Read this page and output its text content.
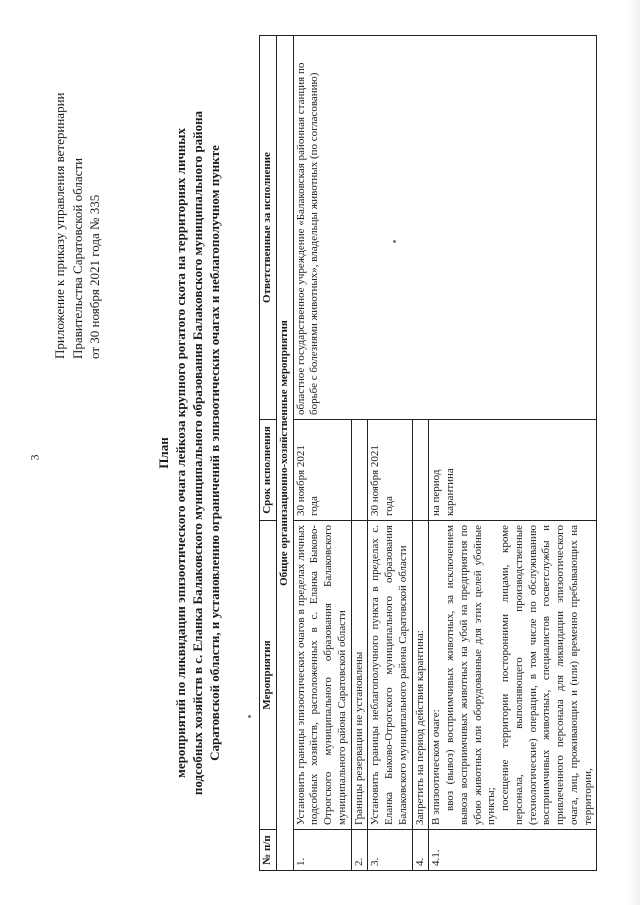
3
Приложение к приказу управления ветеринарии Правительства Саратовской области от 30 ноября 2021 года № 335
План мероприятий по ликвидации эпизоотического очага лейкоза крупного рогатого скота на территориях личных подсобных хозяйств в с. Еланка Балаковского муниципального образования Балаковского муниципального района Саратовской области, и установлению ограничений в эпизоотических очагах и неблагополучном пункте
№ п/п	Мероприятия	Срок исполнения	Ответственные за исполнение
Общие организационно-хозяйственные мероприятия			
1.	Установить границы эпизоотических очагов в пределах личных подсобных хозяйств, расположенных в с. Еланка Быково-Отрогского муниципального образования Балаковского муниципального района Саратовской области	30 ноября 2021 года	областное государственное учреждение «Балаковская районная станция по борьбе с болезнями животных», владельцы животных (по согласованию)
2.	Границы резервации не установлены		
3.	Установить границы неблагополучного пункта в пределах с. Еланка Быково-Отрогского муниципального образования Балаковского муниципального района Саратовской области	30 ноября 2021 года	
4.	Запретить на период действия карантина:		
4.1.	В эпизоотическом очаге: ввоз (вывоз) восприимчивых животных, за исключением вывоза восприимчивых животных на убой на предприятия по убою животных или оборудованные для этих целей убойные пункты; посещение территории посторонними лицами, кроме персонала, выполняющего производственные (технологические) операции, в том числе по обслуживанию восприимчивых животных, специалистов госветслужбы и привлеченного персонала для ликвидации эпизоотического очага, лиц, проживающих и (или) временно пребывающих на территории,	на период карантина	
